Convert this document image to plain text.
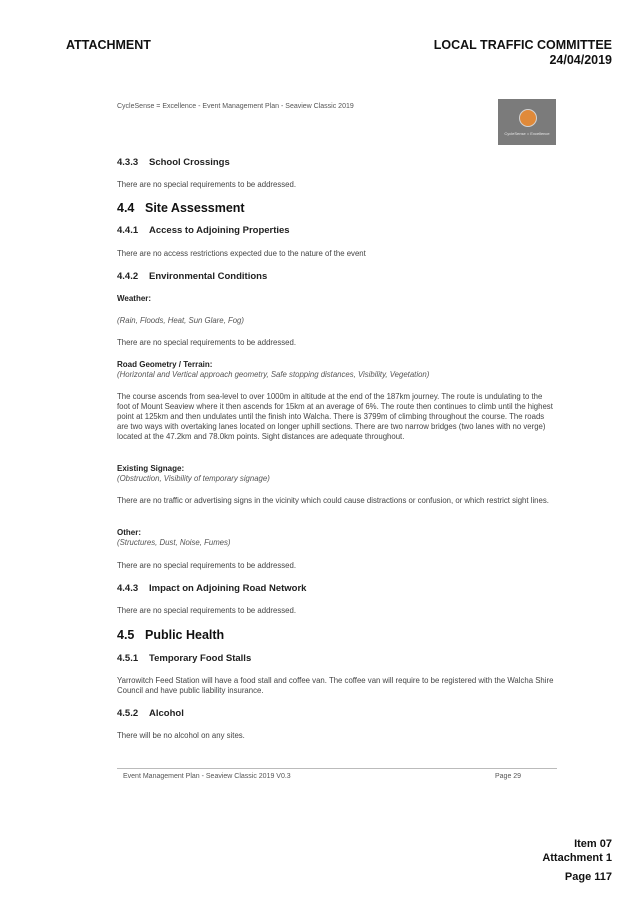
ATTACHMENT	LOCAL TRAFFIC COMMITTEE
24/04/2019
CycleSense = Excellence - Event Management Plan - Seaview Classic 2019
CycleSense = Excellence
4.3.3 School Crossings
There are no special requirements to be addressed.
4.4 Site Assessment
4.4.1 Access to Adjoining Properties
There are no access restrictions expected due to the nature of the event
4.4.2 Environmental Conditions
Weather:
(Rain, Floods, Heat, Sun Glare, Fog)
There are no special requirements to be addressed.
Road Geometry / Terrain:
(Horizontal and Vertical approach geometry, Safe stopping distances, Visibility, Vegetation)
The course ascends from sea-level to over 1000m in altitude at the end of the 187km journey. The route is undulating to the foot of Mount Seaview where it then ascends for 15km at an average of 6%. The route then continues to climb until the highest point at 125km and then undulates until the finish into Walcha. There is 3799m of climbing throughout the course. The roads are two ways with overtaking lanes located on longer uphill sections. There are two narrow bridges (two lanes with no verge) located at the 47.2km and 78.0km points. Sight distances are adequate throughout.
Existing Signage:
(Obstruction, Visibility of temporary signage)
There are no traffic or advertising signs in the vicinity which could cause distractions or confusion, or which restrict sight lines.
Other:
(Structures, Dust, Noise, Fumes)
There are no special requirements to be addressed.
4.4.3 Impact on Adjoining Road Network
There are no special requirements to be addressed.
4.5 Public Health
4.5.1 Temporary Food Stalls
Yarrowitch Feed Station will have a food stall and coffee van. The coffee van will require to be registered with the Walcha Shire Council and have public liability insurance.
4.5.2 Alcohol
There will be no alcohol on any sites.
Event Management Plan - Seaview Classic 2019 V0.3	Page 29
Item 07
Attachment 1
Page 117
